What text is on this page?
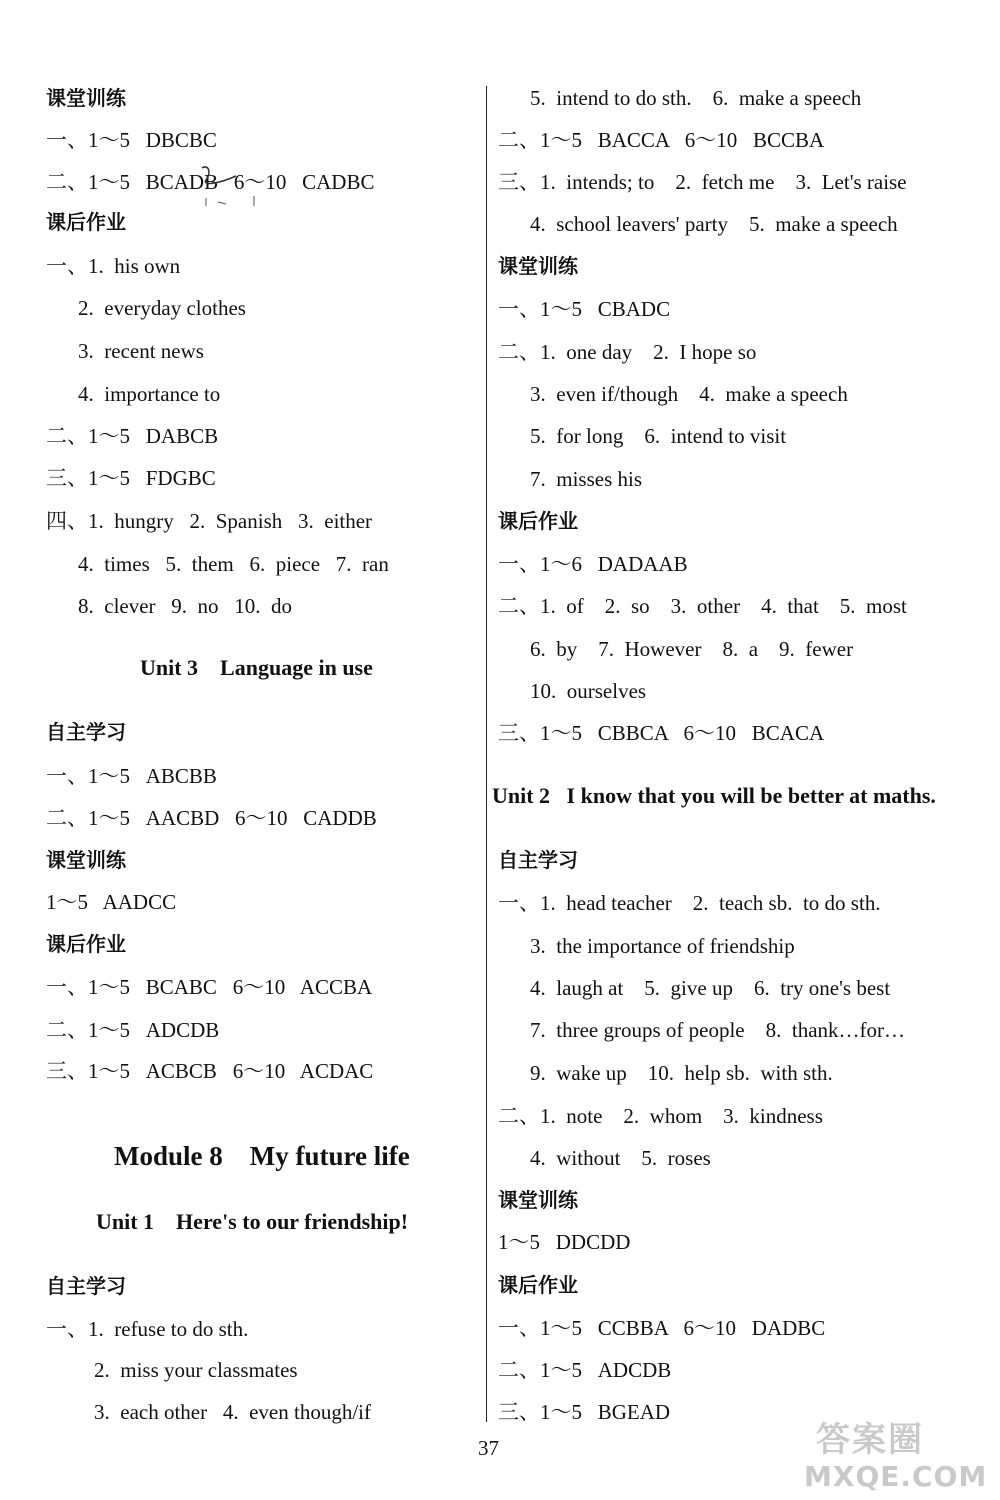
课堂训练
一、1～5   DBCBC
二、1～5   BCADB   6～10   CADBC
课后作业
一、1.  his own
2.  everyday clothes
3.  recent news
4.  importance to
二、1～5   DABCB
三、1～5   FDGBC
四、1.  hungry   2.  Spanish   3.  either
4.  times   5.  them   6.  piece   7.  ran
8.  clever   9.  no   10.  do
Unit 3    Language in use
自主学习
一、1～5   ABCBB
二、1～5   AACBD   6～10   CADDB
课堂训练
1～5   AADCC
课后作业
一、1～5   BCABC   6～10   ACCBA
二、1～5   ADCDB
三、1～5   ACBCB   6～10   ACDAC
Module 8    My future life
Unit 1    Here's to our friendship!
自主学习
一、1.  refuse to do sth.
2.  miss your classmates
3.  each other   4.  even though/if
5.  intend to do sth.    6.  make a speech
二、1～5   BACCA   6～10   BCCBA
三、1.  intends; to    2.  fetch me    3.  Let's raise
4.  school leavers' party    5.  make a speech
课堂训练
一、1～5   CBADC
二、1.  one day    2.  I hope so
3.  even if/though    4.  make a speech
5.  for long    6.  intend to visit
7.  misses his
课后作业
一、1～6   DADAAB
二、1.  of    2.  so    3.  other    4.  that    5.  most
6.  by    7.  However    8.  a    9.  fewer
10.  ourselves
三、1～5   CBBCA   6～10   BCACA
Unit 2   I know that you will be better at maths.
自主学习
一、1.  head teacher    2.  teach sb.  to do sth.
3.  the importance of friendship
4.  laugh at    5.  give up    6.  try one's best
7.  three groups of people    8.  thank…for…
9.  wake up    10.  help sb.  with sth.
二、1.  note    2.  whom    3.  kindness
4.  without    5.  roses
课堂训练
1～5   DDCDD
课后作业
一、1～5   CCBBA   6～10   DADBC
二、1～5   ADCDB
三、1～5   BGEAD
37	答案圈
MXQE.COM
